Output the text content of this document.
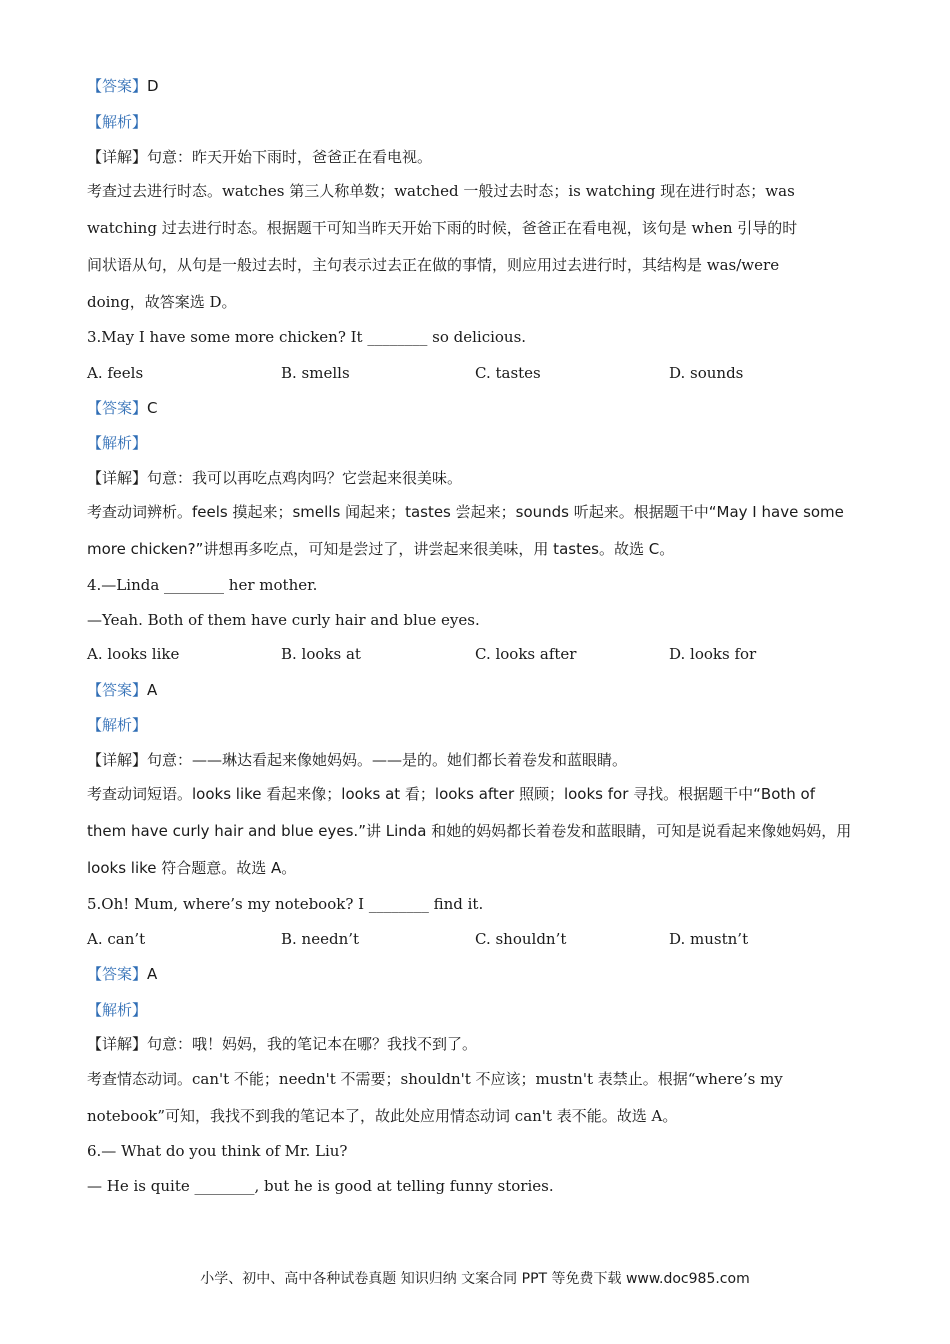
【答案】D
【解析】
【详解】句意：昨天开始下雨时，爸爸正在看电视。
考查过去进行时态。watches 第三人称单数；watched 一般过去时态；is watching 现在进行时态；was
watching 过去进行时态。根据题干可知当昨天开始下雨的时候，爸爸正在看电视，该句是 when 引导的时
间状语从句，从句是一般过去时，主句表示过去正在做的事情，则应用过去进行时，其结构是 was/were
doing，故答案选 D。
3.May I have some more chicken? It ________ so delicious.
A. feels	B. smells	C. tastes	D. sounds
【答案】C
【解析】
【详解】句意：我可以再吃点鸡肉吗？它尝起来很美味。
考查动词辨析。feels 摸起来；smells 闻起来；tastes 尝起来；sounds 听起来。根据题干中“May I have some
more chicken?”讲想再多吃点，可知是尝过了，讲尝起来很美味，用 tastes。故选 C。
4.—Linda ________ her mother.
—Yeah. Both of them have curly hair and blue eyes.
A. looks like	B. looks at	C. looks after	D. looks for
【答案】A
【解析】
【详解】句意：——琳达看起来像她妈妈。——是的。她们都长着卷发和蓝眼睛。
考查动词短语。looks like 看起来像；looks at 看；looks after 照顾；looks for 寻找。根据题干中“Both of
them have curly hair and blue eyes.”讲 Linda 和她的妈妈都长着卷发和蓝眼睛，可知是说看起来像她妈妈，用
looks like 符合题意。故选 A。
5.Oh! Mum, where’s my notebook? I ________ find it.
A. can’t	B. needn’t	C. shouldn’t	D. mustn’t
【答案】A
【解析】
【详解】句意：哦！妈妈，我的笔记本在哪？我找不到了。
考查情态动词。can't 不能；needn't 不需要；shouldn't 不应该；mustn't 表禁止。根据“where’s my
notebook”可知，我找不到我的笔记本了，故此处应用情态动词 can't 表不能。故选 A。
6.— What do you think of Mr. Liu?
— He is quite ________, but he is good at telling funny stories.
小学、初中、高中各种试卷真题 知识归纳 文案合同 PPT 等免费下载 www.doc985.com
